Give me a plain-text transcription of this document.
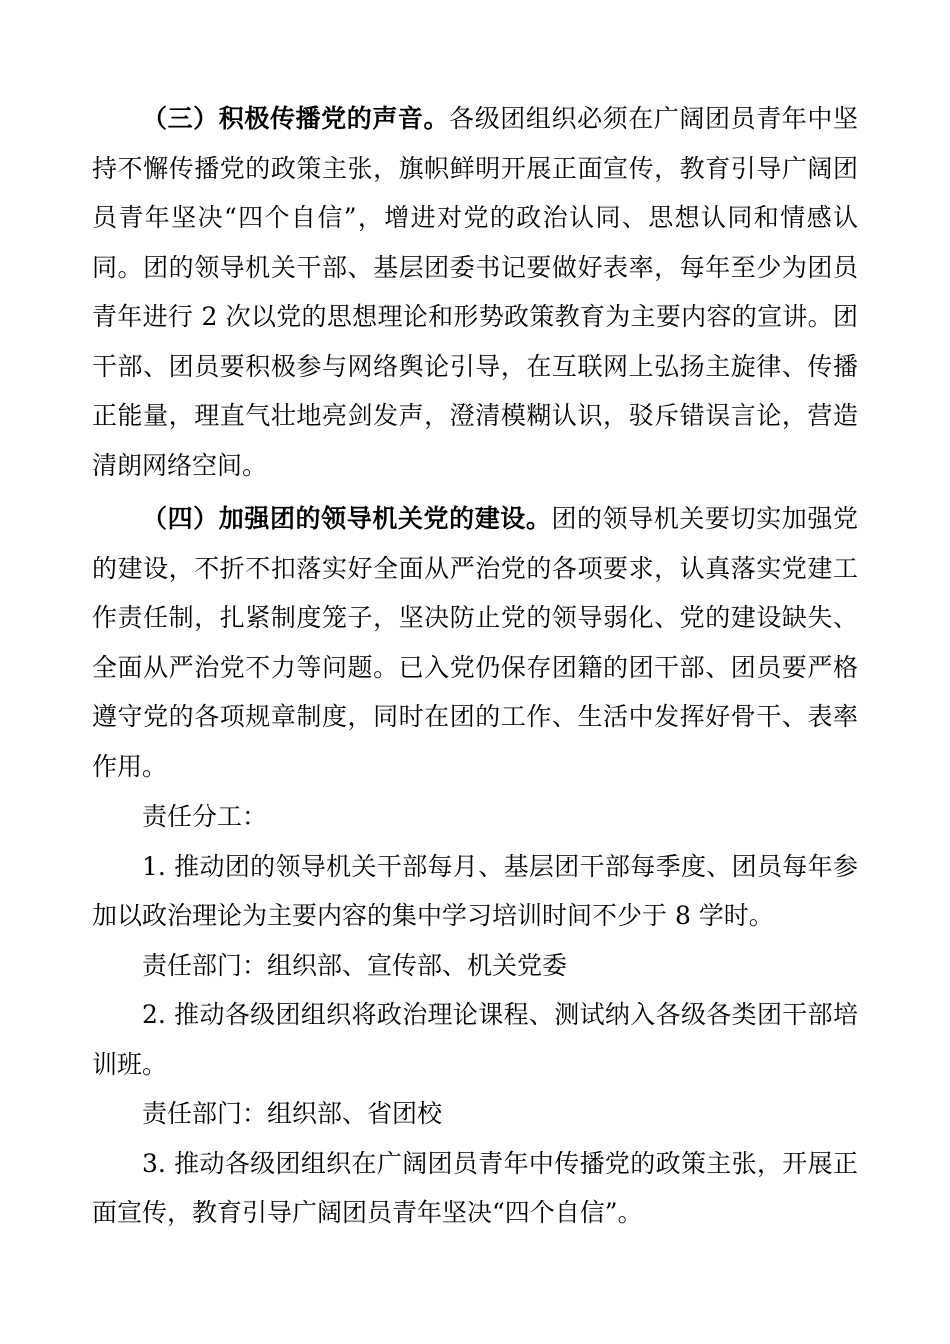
（三）积极传播党的声音。各级团组织必须在广阔团员青年中坚
持不懈传播党的政策主张，旗帜鲜明开展正面宣传，教育引导广阔团
员青年坚决“四个自信”，增进对党的政治认同、思想认同和情感认
同。团的领导机关干部、基层团委书记要做好表率，每年至少为团员
青年进行 2 次以党的思想理论和形势政策教育为主要内容的宣讲。团
干部、团员要积极参与网络舆论引导，在互联网上弘扬主旋律、传播
正能量，理直气壮地亮剑发声，澄清模糊认识，驳斥错误言论，营造
清朗网络空间。
（四）加强团的领导机关党的建设。团的领导机关要切实加强党
的建设，不折不扣落实好全面从严治党的各项要求，认真落实党建工
作责任制，扎紧制度笼子，坚决防止党的领导弱化、党的建设缺失、
全面从严治党不力等问题。已入党仍保存团籍的团干部、团员要严格
遵守党的各项规章制度，同时在团的工作、生活中发挥好骨干、表率
作用。
责任分工：
1. 推动团的领导机关干部每月、基层团干部每季度、团员每年参
加以政治理论为主要内容的集中学习培训时间不少于 8 学时。
责任部门：组织部、宣传部、机关党委
2. 推动各级团组织将政治理论课程、测试纳入各级各类团干部培
训班。
责任部门：组织部、省团校
3. 推动各级团组织在广阔团员青年中传播党的政策主张，开展正
面宣传，教育引导广阔团员青年坚决“四个自信”。
